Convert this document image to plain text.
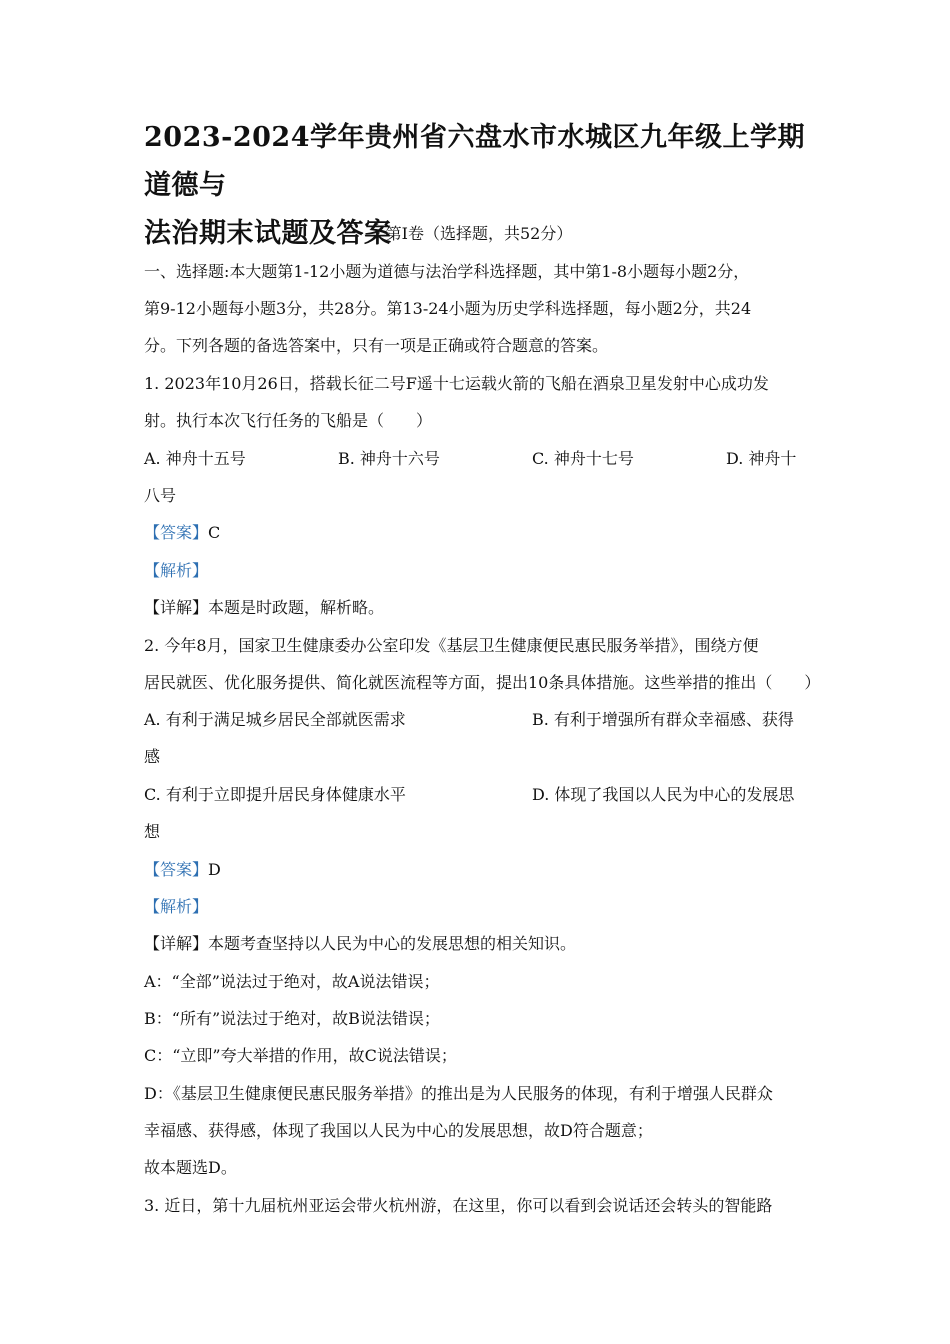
2023-2024学年贵州省六盘水市水城区九年级上学期道德与
法治期末试题及答案
第Ⅰ卷（选择题，共52分）
一、选择题:本大题第1-12小题为道德与法治学科选择题，其中第1-8小题每小题2分，
第9-12小题每小题3分，共28分。第13-24小题为历史学科选择题，每小题2分，共24
分。下列各题的备选答案中，只有一项是正确或符合题意的答案。
1. 2023年10月26日，搭载长征二号F遥十七运载火箭的飞船在酒泉卫星发射中心成功发
射。执行本次飞行任务的飞船是（　　）
A. 神舟十五号	B. 神舟十六号	C. 神舟十七号	D. 神舟十
八号
【答案】C
【解析】
【详解】本题是时政题，解析略。
2. 今年8月，国家卫生健康委办公室印发《基层卫生健康便民惠民服务举措》，围绕方便
居民就医、优化服务提供、简化就医流程等方面，提出10条具体措施。这些举措的推出（　　）
A. 有利于满足城乡居民全部就医需求	B. 有利于增强所有群众幸福感、获得
感
C. 有利于立即提升居民身体健康水平	D. 体现了我国以人民为中心的发展思
想
【答案】D
【解析】
【详解】本题考查坚持以人民为中心的发展思想的相关知识。
A：“全部”说法过于绝对，故A说法错误；
B：“所有”说法过于绝对，故B说法错误；
C：“立即”夸大举措的作用，故C说法错误；
D：《基层卫生健康便民惠民服务举措》的推出是为人民服务的体现，有利于增强人民群众
幸福感、获得感，体现了我国以人民为中心的发展思想，故D符合题意；
故本题选D。
3. 近日，第十九届杭州亚运会带火杭州游，在这里，你可以看到会说话还会转头的智能路
